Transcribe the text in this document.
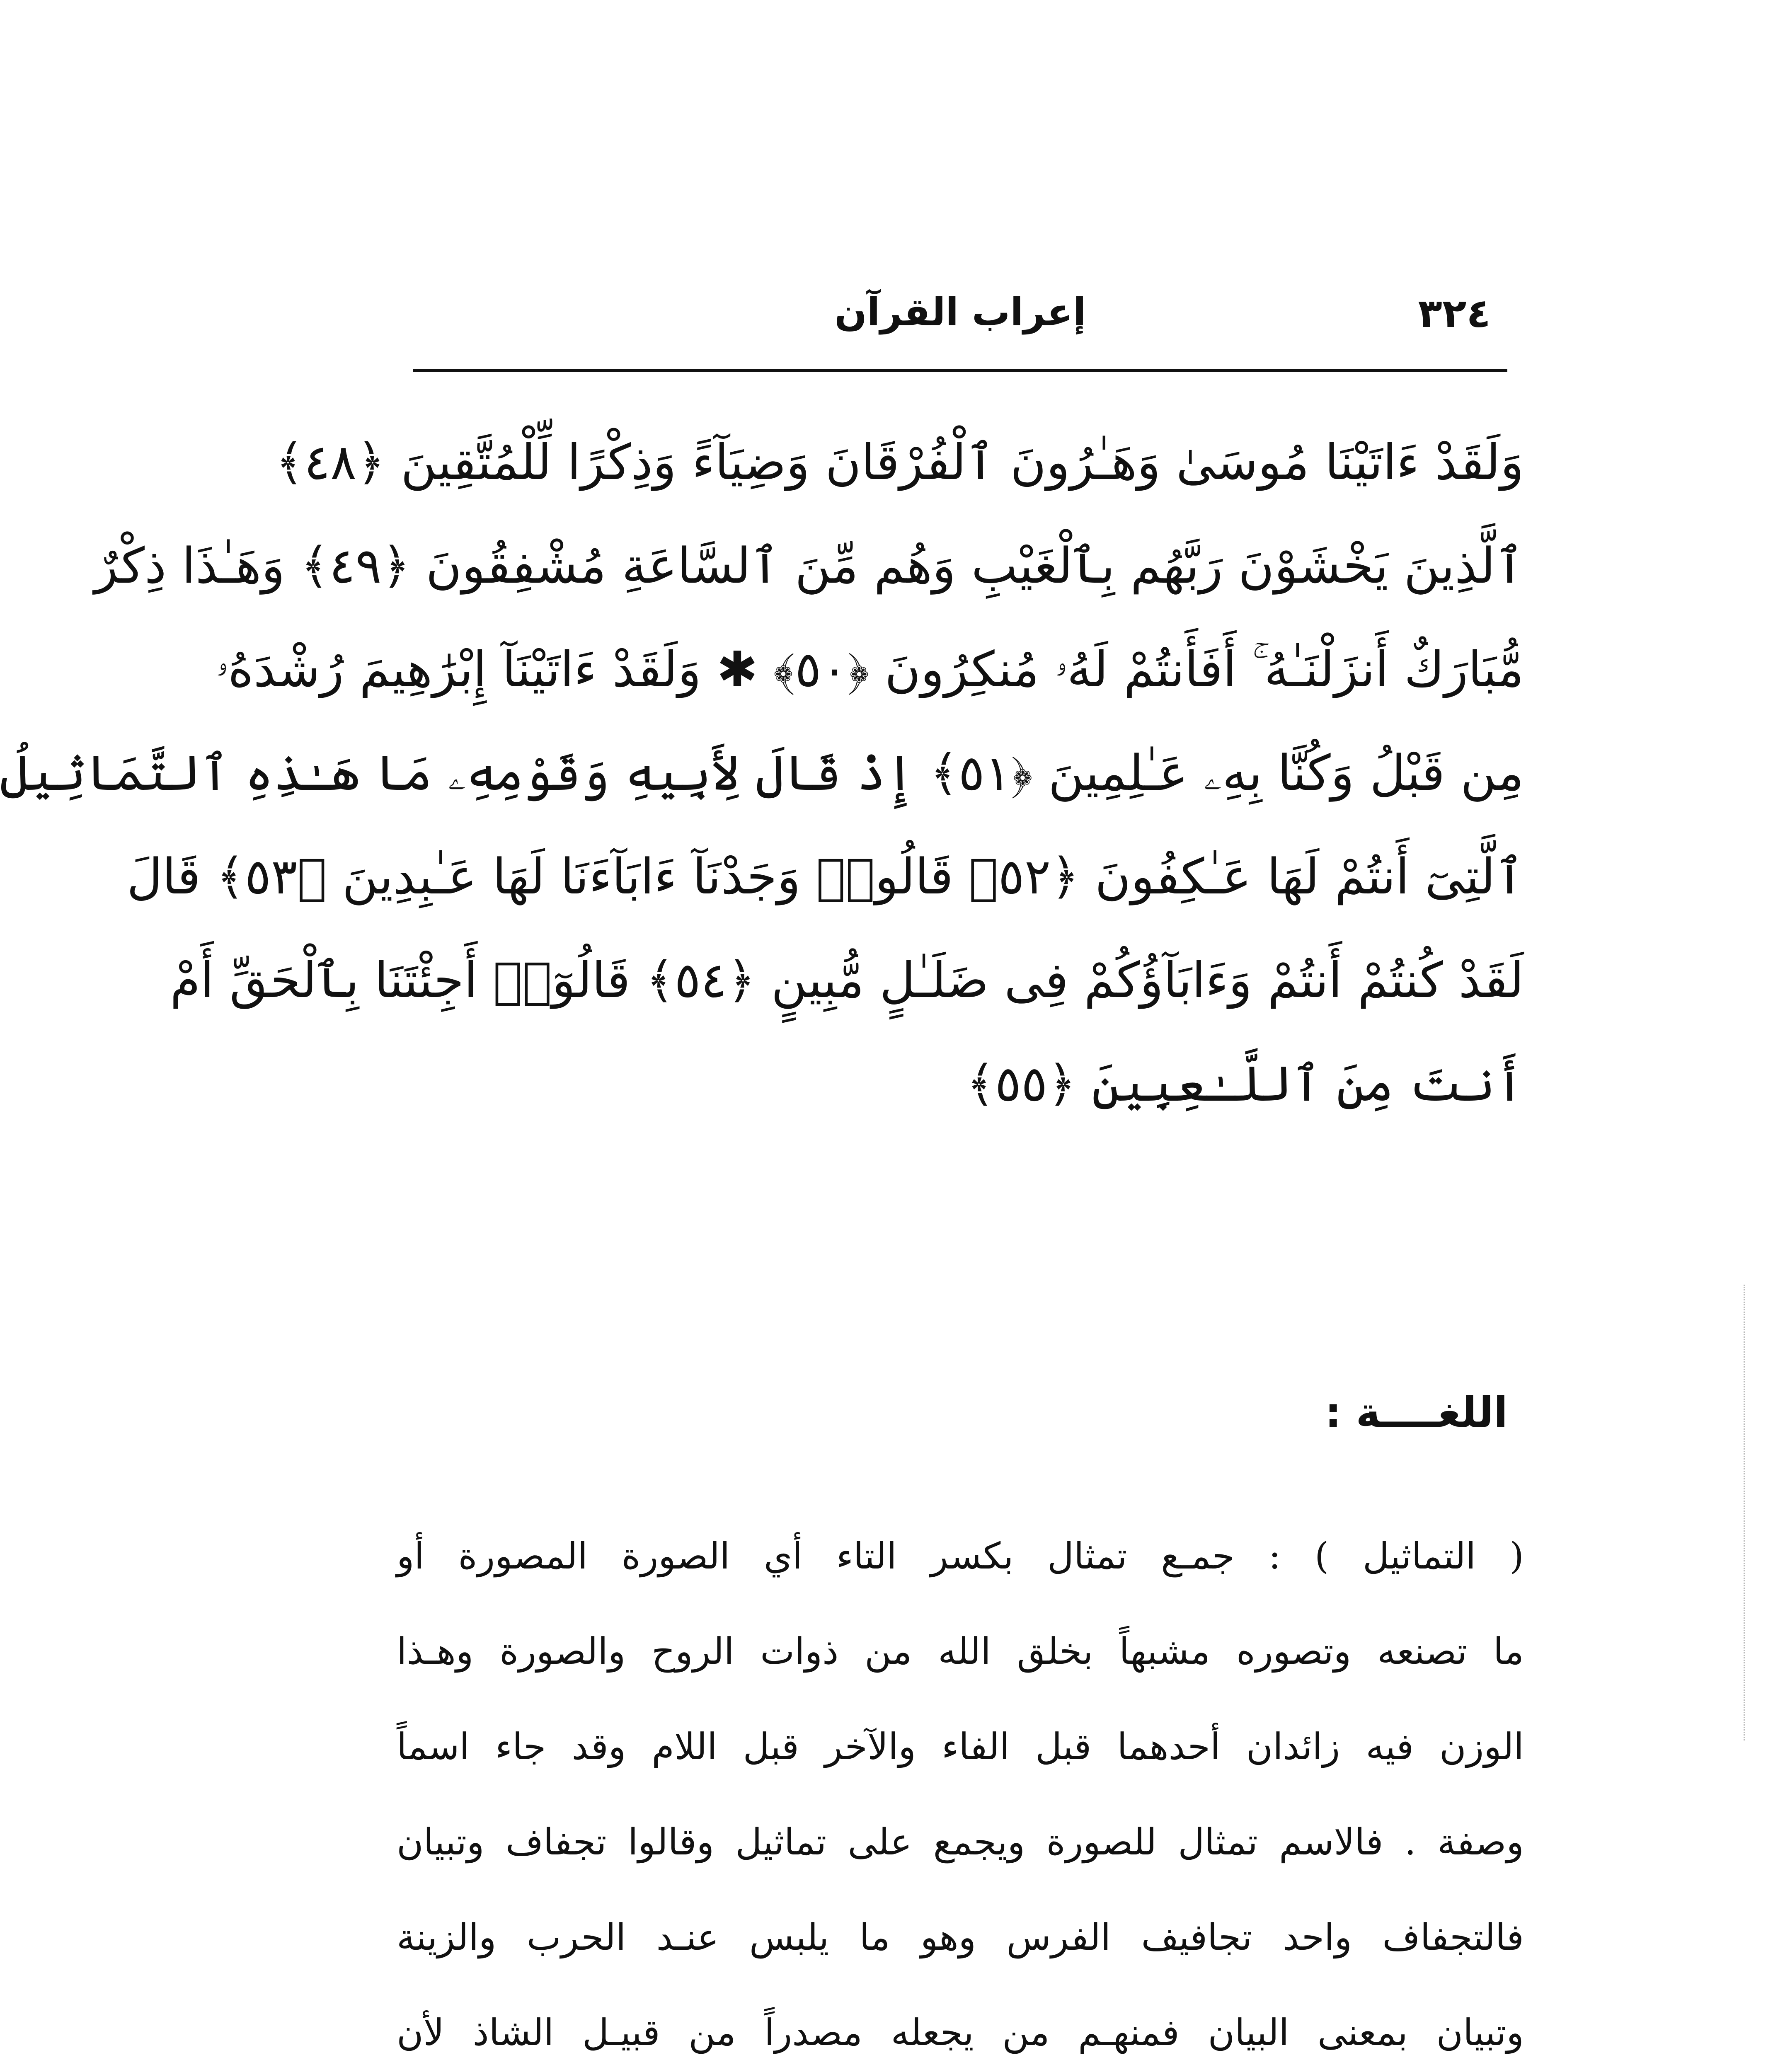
٣٢٤
إعراب القرآن
وَلَقَدْ ءَاتَيْنَا مُوسَىٰ وَهَـٰرُونَ ٱلْفُرْقَانَ وَضِيَآءً وَذِكْرًا لِّلْمُتَّقِينَ ﴿٤٨﴾
ٱلَّذِينَ يَخْشَوْنَ رَبَّهُم بِٱلْغَيْبِ وَهُم مِّنَ ٱلسَّاعَةِ مُشْفِقُونَ ﴿٤٩﴾ وَهَـٰذَا ذِكْرٌ
مُّبَارَكٌ أَنزَلْنَـٰهُ ۚ أَفَأَنتُمْ لَهُۥ مُنكِرُونَ ﴿٥٠﴾ ✱ وَلَقَدْ ءَاتَيْنَآ إِبْرَٰهِيمَ رُشْدَهُۥ
مِن قَبْلُ وَكُنَّا بِهِۦ عَـٰلِمِينَ ﴿٥١﴾ إِذْ قَالَ لِأَبِيهِ وَقَوْمِهِۦ مَا هَـٰذِهِ ٱلتَّمَاثِيلُ
ٱلَّتِىٓ أَنتُمْ لَهَا عَـٰكِفُونَ ﴿٥٢﴾ قَالُوا۟ وَجَدْنَآ ءَابَآءَنَا لَهَا عَـٰبِدِينَ ﴿٥٣﴾ قَالَ
لَقَدْ كُنتُمْ أَنتُمْ وَءَابَآؤُكُمْ فِى ضَلَـٰلٍ مُّبِينٍ ﴿٥٤﴾ قَالُوٓا۟ أَجِئْتَنَا بِٱلْحَقِّ أَمْ
أَنتَ مِنَ ٱللَّـٰعِبِينَ ﴿٥٥﴾
اللغــــة :
( التماثيل ) : جمـع تمثال بكسر التاء أي الصورة المصورة أو
ما تصنعه وتصوره مشبهاً بخلق الله من ذوات الروح والصورة وهـذا
الوزن فيه زائدان أحدهما قبل الفاء والآخر قبل اللام وقد جاء اسماً
وصفة . فالاسم تمثال للصورة ويجمع على تماثيل وقالوا تجفاف وتبيان
فالتجفاف واحد تجافيف الفرس وهو ما يلبس عنـد الحرب والزينة
وتبيان بمعنى البيان فمنهـم من يجعله مصدراً من قبيـل الشاذ لأن
